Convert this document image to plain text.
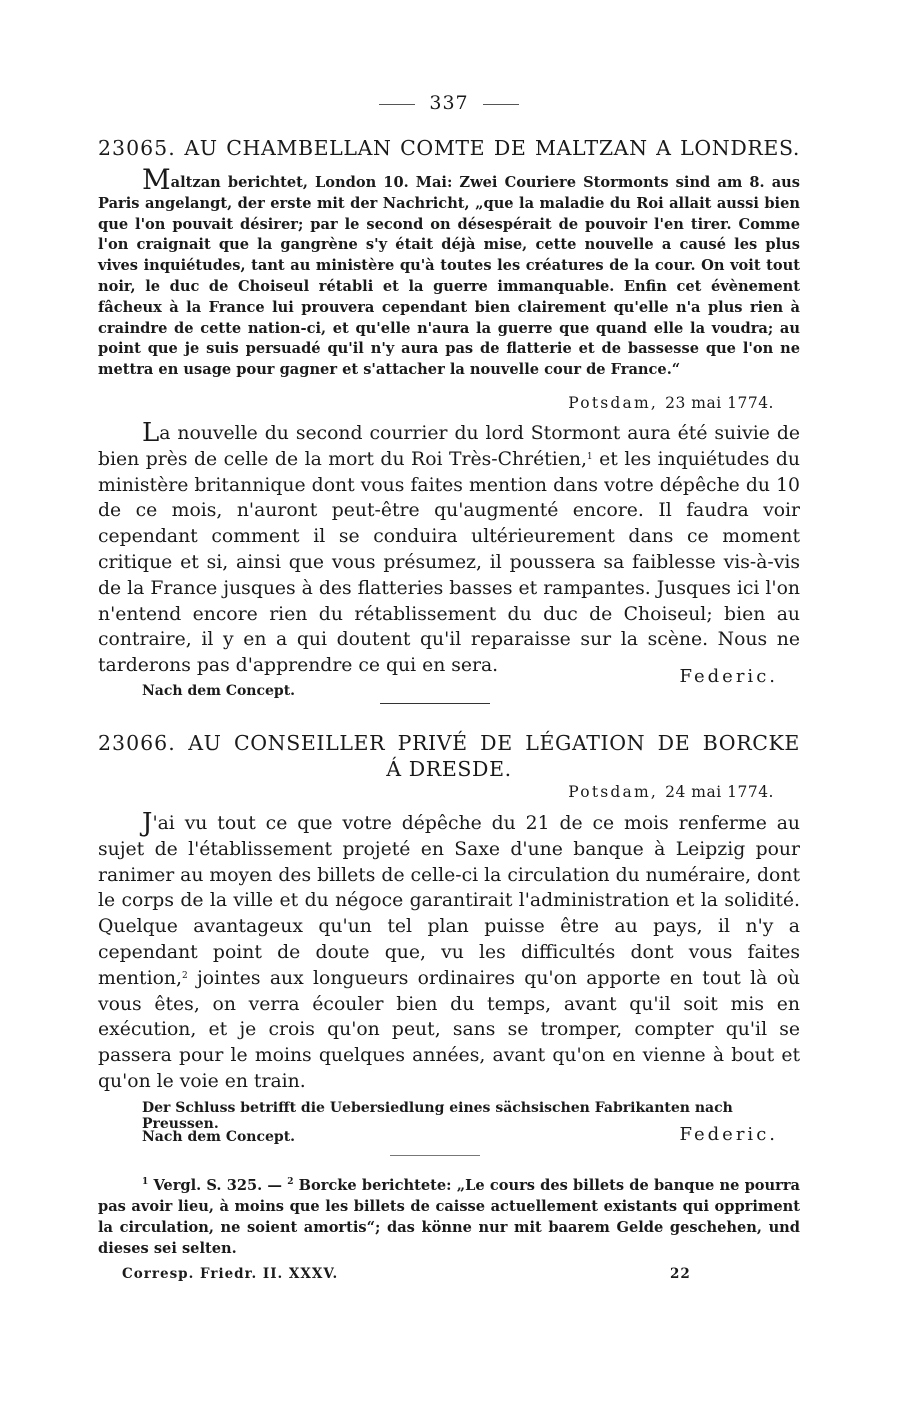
337
23065. AU CHAMBELLAN COMTE DE MALTZAN A LONDRES.
Maltzan berichtet, London 10. Mai: Zwei Couriere Stormonts sind am 8. aus Paris angelangt, der erste mit der Nachricht, „que la maladie du Roi allait aussi bien que l'on pouvait désirer; par le second on désespérait de pouvoir l'en tirer. Comme l'on craignait que la gangrène s'y était déjà mise, cette nouvelle a causé les plus vives inquiétudes, tant au ministère qu'à toutes les créatures de la cour. On voit tout noir, le duc de Choiseul rétabli et la guerre immanquable. Enfin cet évènement fâcheux à la France lui prouvera cependant bien clairement qu'elle n'a plus rien à craindre de cette nation-ci, et qu'elle n'aura la guerre que quand elle la voudra; au point que je suis persuadé qu'il n'y aura pas de flatterie et de bassesse que l'on ne mettra en usage pour gagner et s'attacher la nouvelle cour de France.“
Potsdam, 23 mai 1774.
La nouvelle du second courrier du lord Stormont aura été suivie de bien près de celle de la mort du Roi Très-Chrétien,$^1$ et les inquiétudes du ministère britannique dont vous faites mention dans votre dépêche du 10 de ce mois, n'auront peut-être qu'augmenté encore. Il faudra voir cependant comment il se conduira ultérieurement dans ce moment critique et si, ainsi que vous présumez, il poussera sa faiblesse vis-à-vis de la France jusques à des flatteries basses et rampantes. Jusques ici l'on n'entend encore rien du rétablissement du duc de Choiseul; bien au contraire, il y en a qui doutent qu'il reparaisse sur la scène. Nous ne tarderons pas d'apprendre ce qui en sera.
Federic.
Nach dem Concept.
23066. AU CONSEILLER PRIVÉ DE LÉGATION DE BORCKE
Á DRESDE.
Potsdam, 24 mai 1774.
J'ai vu tout ce que votre dépêche du 21 de ce mois renferme au sujet de l'établissement projeté en Saxe d'une banque à Leipzig pour ranimer au moyen des billets de celle-ci la circulation du numéraire, dont le corps de la ville et du négoce garantirait l'administration et la solidité. Quelque avantageux qu'un tel plan puisse être au pays, il n'y a cependant point de doute que, vu les difficultés dont vous faites mention,$^2$ jointes aux longueurs ordinaires qu'on apporte en tout là où vous êtes, on verra écouler bien du temps, avant qu'il soit mis en exécution, et je crois qu'on peut, sans se tromper, compter qu'il se passera pour le moins quelques années, avant qu'on en vienne à bout et qu'on le voie en train.
Der Schluss betrifft die Uebersiedlung eines sächsischen Fabrikanten nach Preussen.
Nach dem Concept.	Federic.
$^1$ Vergl. S. 325. — $^2$ Borcke berichtete: „Le cours des billets de banque ne pourra pas avoir lieu, à moins que les billets de caisse actuellement existants qui oppriment la circulation, ne soient amortis“; das könne nur mit baarem Gelde geschehen, und dieses sei selten.
Corresp. Friedr. II. XXXV.	22
